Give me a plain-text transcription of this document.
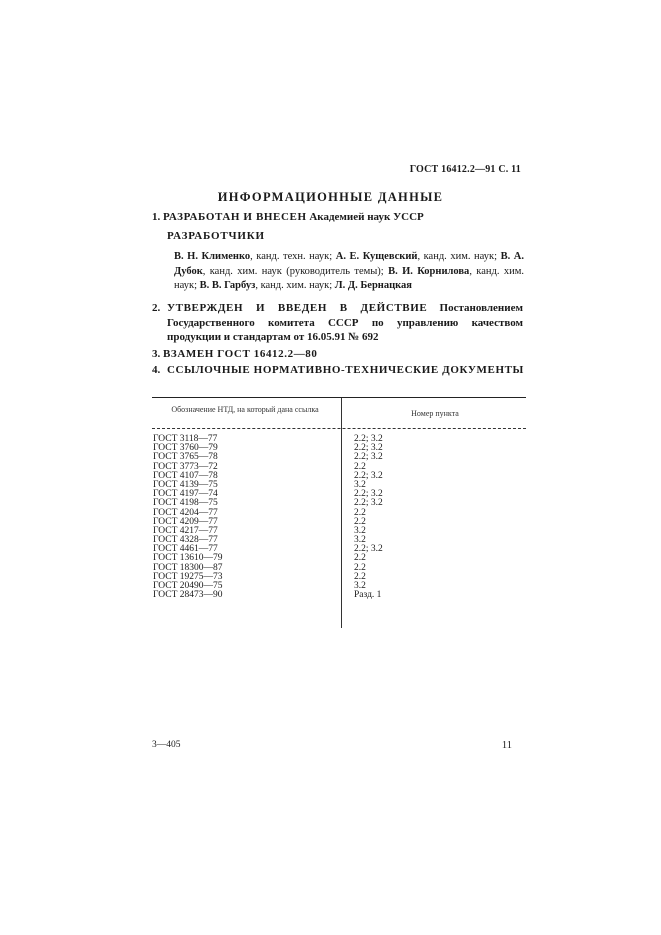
ГОСТ 16412.2—91 С. 11
ИНФОРМАЦИОННЫЕ ДАННЫЕ
1. РАЗРАБОТАН И ВНЕСЕН Академией наук УССР
РАЗРАБОТЧИКИ
В. Н. Клименко, канд. техн. наук; А. Е. Кущевский, канд. хим. наук; В. А. Дубок, канд. хим. наук (руководитель темы); В. И. Корнилова, канд. хим. наук; В. В. Гарбуз, канд. хим. наук; Л. Д. Бернацкая
2. УТВЕРЖДЕН И ВВЕДЕН В ДЕЙСТВИЕ Постановлением Государственного комитета СССР по управлению качеством продукции и стандартам от 16.05.91 № 692
3. ВЗАМЕН ГОСТ 16412.2—80
4. ССЫЛОЧНЫЕ НОРМАТИВНО-ТЕХНИЧЕСКИЕ ДОКУМЕНТЫ
Обозначение НТД, на который дана ссылка	Номер пункта
ГОСТ 3118—77
ГОСТ 3760—79
ГОСТ 3765—78
ГОСТ 3773—72
ГОСТ 4107—78
ГОСТ 4139—75
ГОСТ 4197—74
ГОСТ 4198—75
ГОСТ 4204—77
ГОСТ 4209—77
ГОСТ 4217—77
ГОСТ 4328—77
ГОСТ 4461—77
ГОСТ 13610—79
ГОСТ 18300—87
ГОСТ 19275—73
ГОСТ 20490—75
ГОСТ 28473—90
2.2; 3.2
2.2; 3.2
2.2; 3.2
2.2
2.2; 3.2
3.2
2.2; 3.2
2.2; 3.2
2.2
2.2
3.2
3.2
2.2; 3.2
2.2
2.2
2.2
3.2
Разд. 1
3—405	11
